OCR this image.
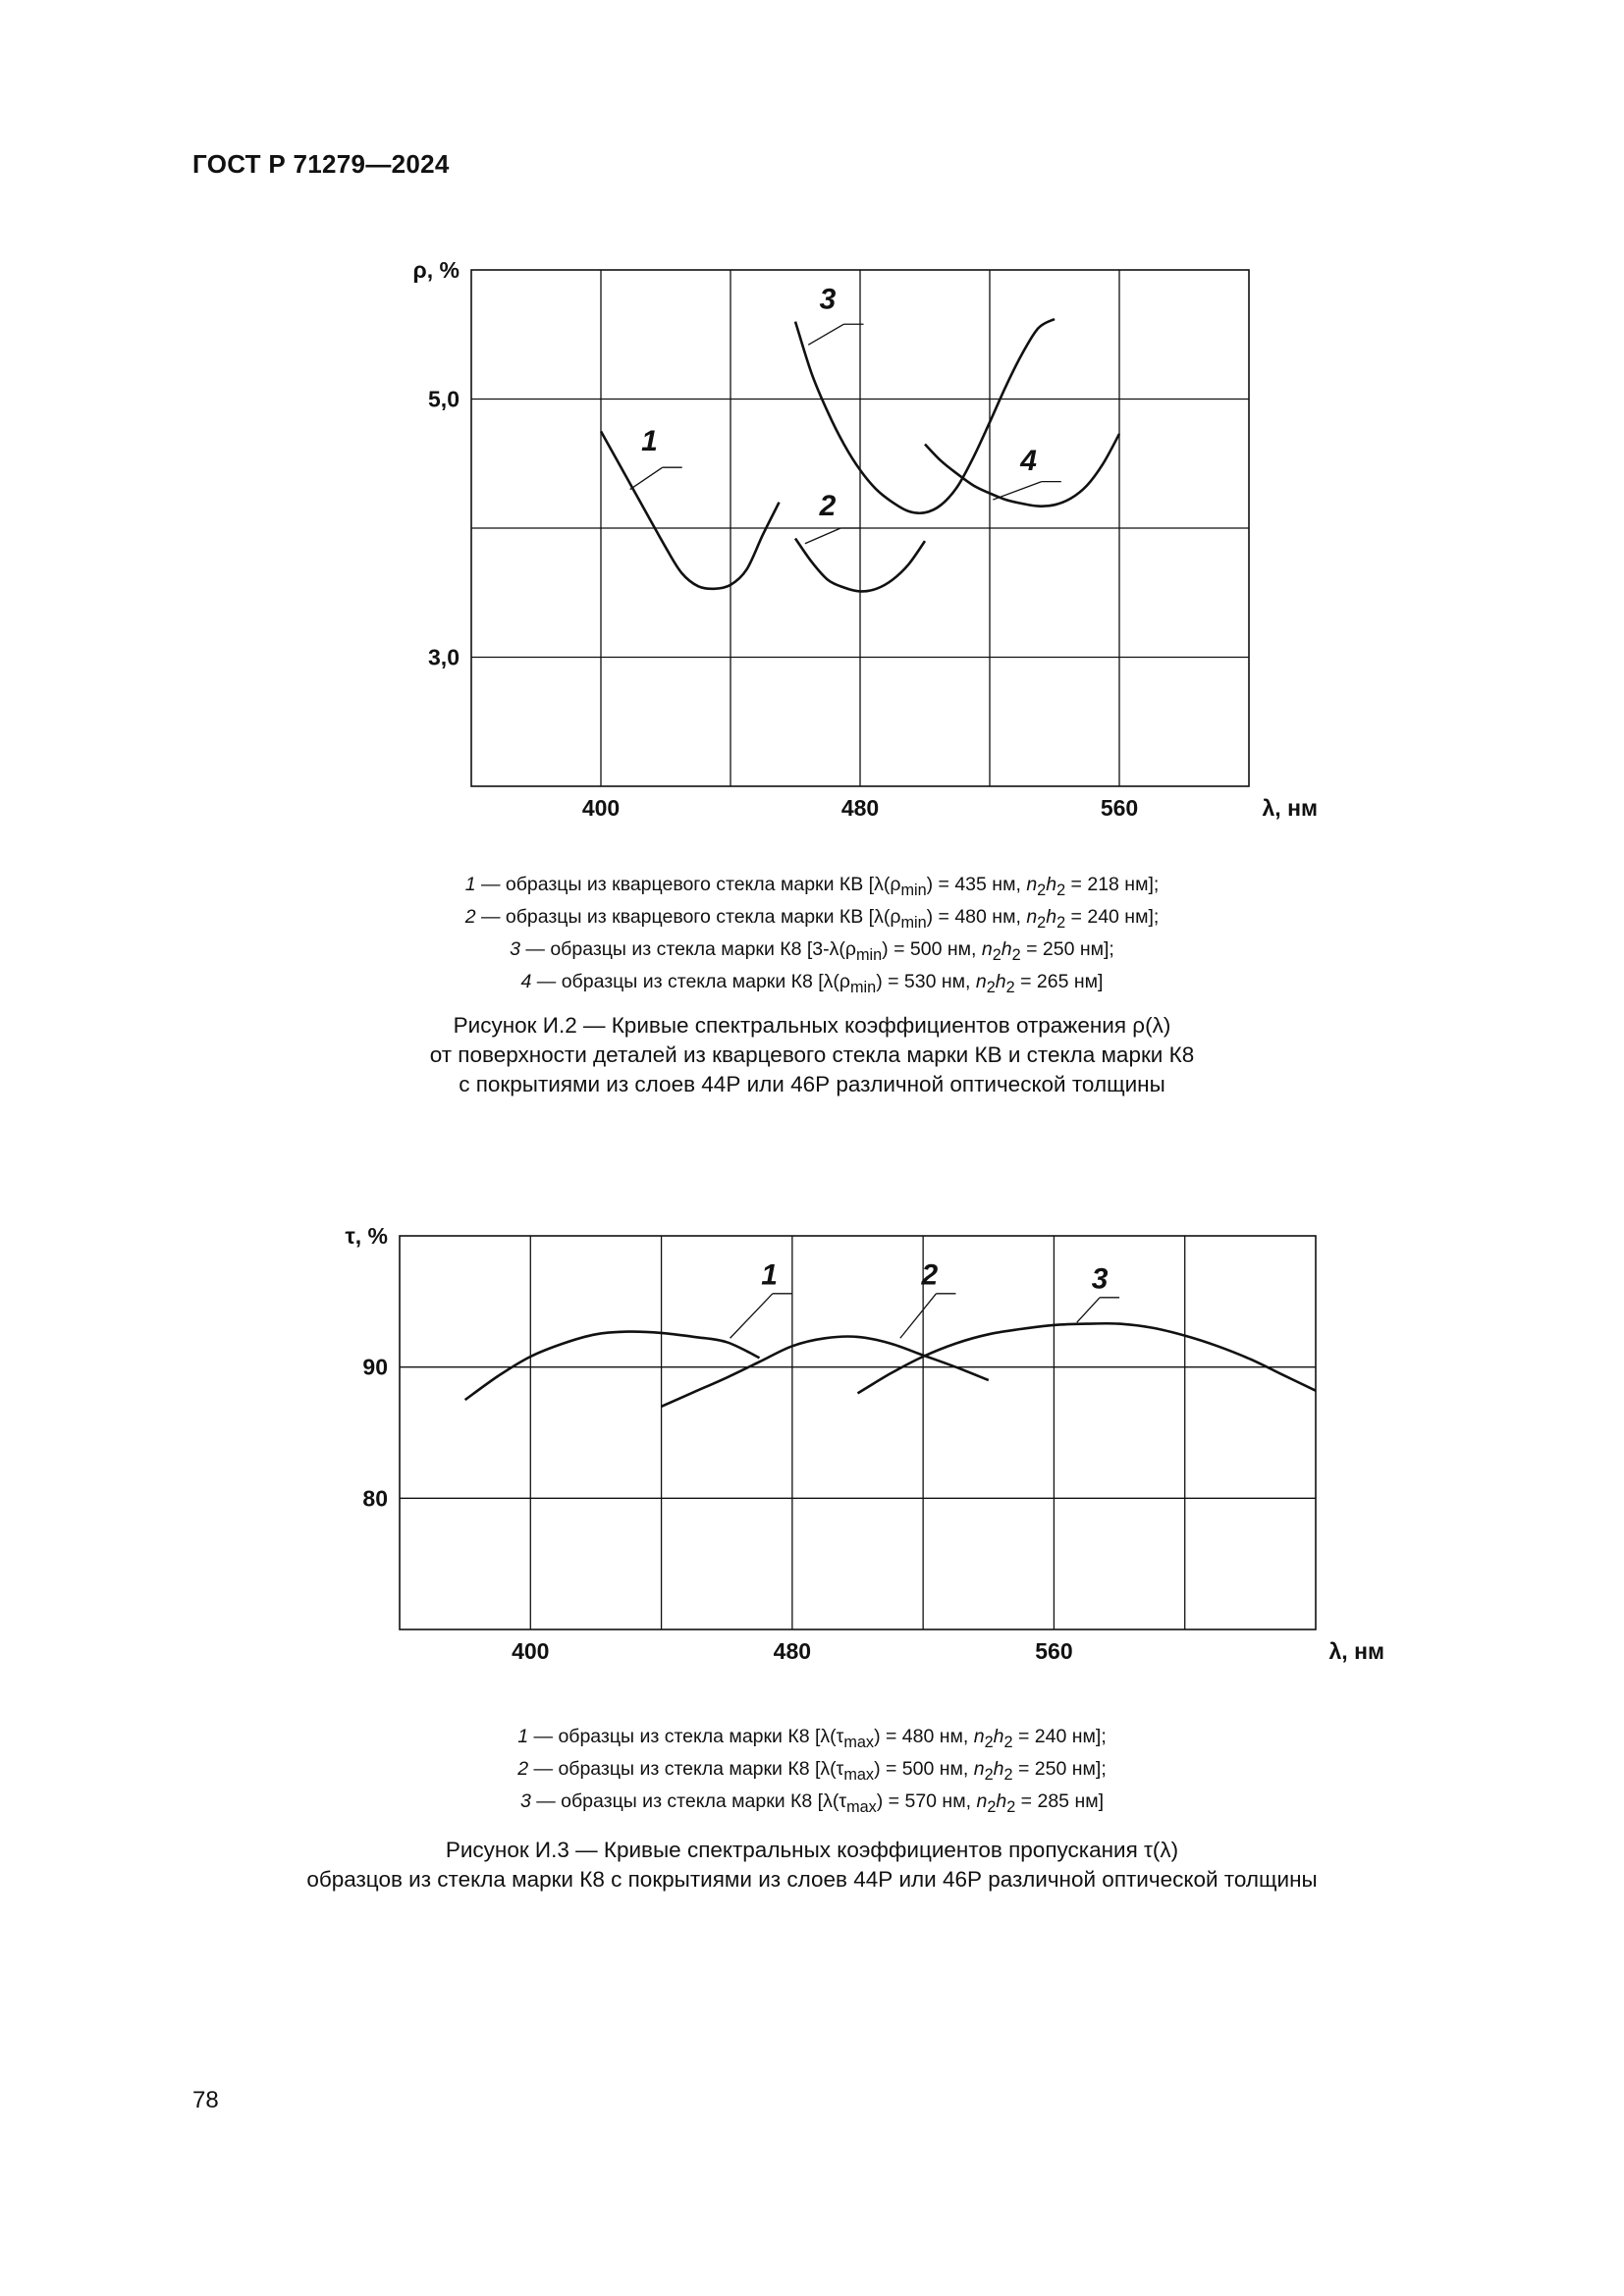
ГОСТ Р 71279—2024
400	480	560
5,0
3,0
ρ, %
λ, нм
1
2
3
4
1 — образцы из кварцевого стекла марки КВ [$\lambda(\rho_{min}) = 435$ нм, $n_2h_2 = 218$ нм];
2 — образцы из кварцевого стекла марки КВ [$\lambda(\rho_{min}) = 480$ нм, $n_2h_2 = 240$ нм];
3 — образцы из стекла марки К8 [$3-\lambda(\rho_{min}) = 500$ нм, $n_2h_2 = 250$ нм];
4 — образцы из стекла марки К8 [$\lambda(\rho_{min}) = 530$ нм, $n_2h_2 = 265$ нм]
Рисунок И.2 — Кривые спектральных коэффициентов отражения ρ(λ)
от поверхности деталей из кварцевого стекла марки КВ и стекла марки К8
с покрытиями из слоев 44Р или 46Р различной оптической толщины
400	480	560
90
80
τ, %
λ, нм
1	2	3
1 — образцы из стекла марки К8 [$\lambda(\tau_{max}) = 480$ нм, $n_2h_2 = 240$ нм];
2 — образцы из стекла марки К8 [$\lambda(\tau_{max}) = 500$ нм, $n_2h_2 = 250$ нм];
3 — образцы из стекла марки К8 [$\lambda(\tau_{max}) = 570$ нм, $n_2h_2 = 285$ нм]
Рисунок И.3 — Кривые спектральных коэффициентов пропускания τ(λ)
образцов из стекла марки К8 с покрытиями из слоев 44Р или 46Р различной оптической толщины
78
